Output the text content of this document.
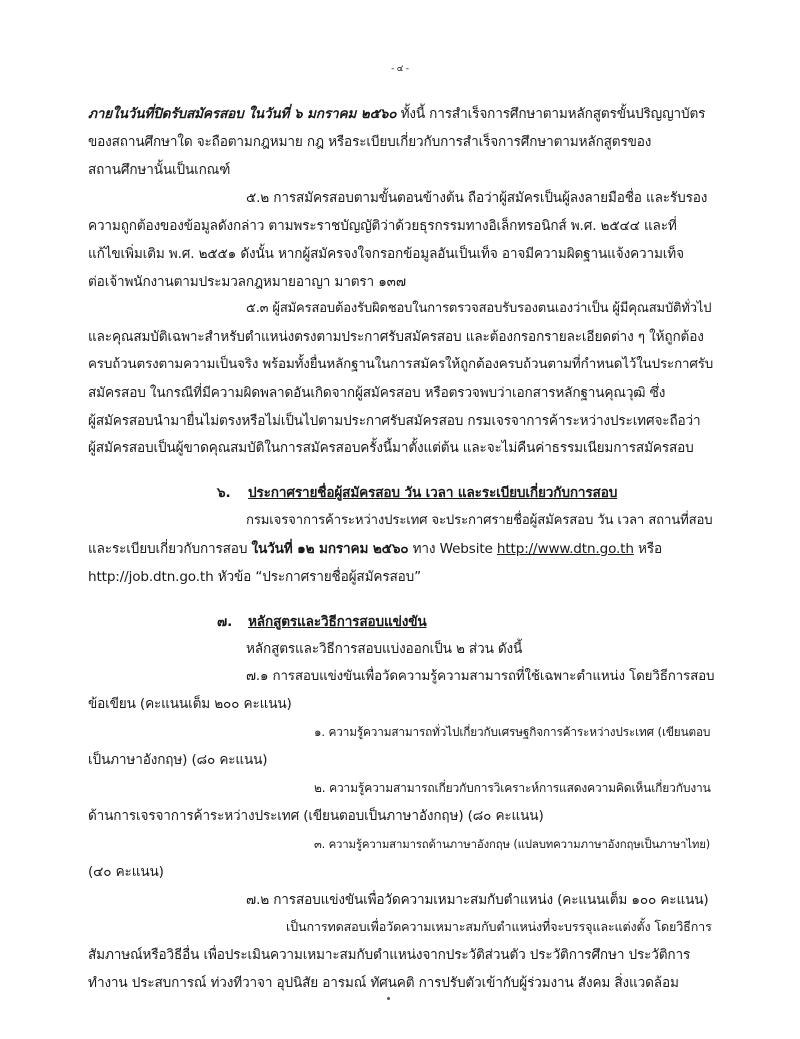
- ๔ -
ภายในวันที่ปิดรับสมัครสอบ ในวันที่ ๖ มกราคม ๒๕๖๐ ทั้งนี้ การสำเร็จการศึกษาตามหลักสูตรขั้นปริญญาบัตร
ของสถานศึกษาใด จะถือตามกฎหมาย กฎ หรือระเบียบเกี่ยวกับการสำเร็จการศึกษาตามหลักสูตรของ
สถานศึกษานั้นเป็นเกณฑ์
๕.๒ การสมัครสอบตามขั้นตอนข้างต้น ถือว่าผู้สมัครเป็นผู้ลงลายมือชื่อ และรับรอง
ความถูกต้องของข้อมูลดังกล่าว ตามพระราชบัญญัติว่าด้วยธุรกรรมทางอิเล็กทรอนิกส์ พ.ศ. ๒๕๔๔ และที่
แก้ไขเพิ่มเติม พ.ศ. ๒๕๕๑ ดังนั้น หากผู้สมัครจงใจกรอกข้อมูลอันเป็นเท็จ อาจมีความผิดฐานแจ้งความเท็จ
ต่อเจ้าพนักงานตามประมวลกฎหมายอาญา มาตรา ๑๓๗
๕.๓ ผู้สมัครสอบต้องรับผิดชอบในการตรวจสอบรับรองตนเองว่าเป็น ผู้มีคุณสมบัติทั่วไป
และคุณสมบัติเฉพาะสำหรับตำแหน่งตรงตามประกาศรับสมัครสอบ และต้องกรอกรายละเอียดต่าง ๆ ให้ถูกต้อง
ครบถ้วนตรงตามความเป็นจริง พร้อมทั้งยื่นหลักฐานในการสมัครให้ถูกต้องครบถ้วนตามที่กำหนดไว้ในประกาศรับ
สมัครสอบ ในกรณีที่มีความผิดพลาดอันเกิดจากผู้สมัครสอบ หรือตรวจพบว่าเอกสารหลักฐานคุณวุฒิ ซึ่ง
ผู้สมัครสอบนำมายื่นไม่ตรงหรือไม่เป็นไปตามประกาศรับสมัครสอบ กรมเจรจาการค้าระหว่างประเทศจะถือว่า
ผู้สมัครสอบเป็นผู้ขาดคุณสมบัติในการสมัครสอบครั้งนี้มาตั้งแต่ต้น และจะไม่คืนค่าธรรมเนียมการสมัครสอบ
๖. ประกาศรายชื่อผู้สมัครสอบ วัน เวลา และระเบียบเกี่ยวกับการสอบ
กรมเจรจาการค้าระหว่างประเทศ จะประกาศรายชื่อผู้สมัครสอบ วัน เวลา สถานที่สอบ
และระเบียบเกี่ยวกับการสอบ ในวันที่ ๑๒ มกราคม ๒๕๖๐ ทาง Website http://www.dtn.go.th หรือ
http://job.dtn.go.th หัวข้อ “ประกาศรายชื่อผู้สมัครสอบ”
๗. หลักสูตรและวิธีการสอบแข่งขัน
หลักสูตรและวิธีการสอบแบ่งออกเป็น ๒ ส่วน ดังนี้
๗.๑ การสอบแข่งขันเพื่อวัดความรู้ความสามารถที่ใช้เฉพาะตำแหน่ง โดยวิธีการสอบ
ข้อเขียน (คะแนนเต็ม ๒๐๐ คะแนน)
๑. ความรู้ความสามารถทั่วไปเกี่ยวกับเศรษฐกิจการค้าระหว่างประเทศ (เขียนตอบ
เป็นภาษาอังกฤษ) (๘๐ คะแนน)
๒. ความรู้ความสามารถเกี่ยวกับการวิเคราะห์การแสดงความคิดเห็นเกี่ยวกับงาน
ด้านการเจรจาการค้าระหว่างประเทศ (เขียนตอบเป็นภาษาอังกฤษ) (๘๐ คะแนน)
๓. ความรู้ความสามารถด้านภาษาอังกฤษ (แปลบทความภาษาอังกฤษเป็นภาษาไทย)
(๔๐ คะแนน)
๗.๒ การสอบแข่งขันเพื่อวัดความเหมาะสมกับตำแหน่ง (คะแนนเต็ม ๑๐๐ คะแนน)
เป็นการทดสอบเพื่อวัดความเหมาะสมกับตำแหน่งที่จะบรรจุและแต่งตั้ง โดยวิธีการ
สัมภาษณ์หรือวิธีอื่น เพื่อประเมินความเหมาะสมกับตำแหน่งจากประวัติส่วนตัว ประวัติการศึกษา ประวัติการ
ทำงาน ประสบการณ์ ท่วงทีวาจา อุปนิสัย อารมณ์ ทัศนคติ การปรับตัวเข้ากับผู้ร่วมงาน สังคม สิ่งแวดล้อม
